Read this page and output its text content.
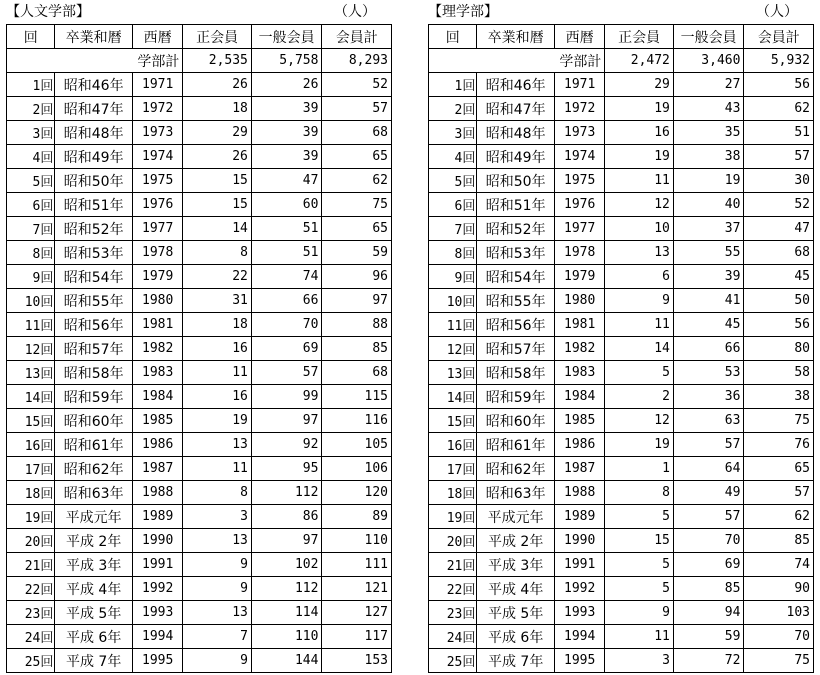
【人文学部】	（人）
回	卒業和暦	西暦	正会員	一般会員	会員計
学部計			2,535	5,758	8,293
1回	昭和46年	1971	26	26	52
2回	昭和47年	1972	18	39	57
3回	昭和48年	1973	29	39	68
4回	昭和49年	1974	26	39	65
5回	昭和50年	1975	15	47	62
6回	昭和51年	1976	15	60	75
7回	昭和52年	1977	14	51	65
8回	昭和53年	1978	8	51	59
9回	昭和54年	1979	22	74	96
10回	昭和55年	1980	31	66	97
11回	昭和56年	1981	18	70	88
12回	昭和57年	1982	16	69	85
13回	昭和58年	1983	11	57	68
14回	昭和59年	1984	16	99	115
15回	昭和60年	1985	19	97	116
16回	昭和61年	1986	13	92	105
17回	昭和62年	1987	11	95	106
18回	昭和63年	1988	8	112	120
19回	平成元年	1989	3	86	89
20回	平成 2年	1990	13	97	110
21回	平成 3年	1991	9	102	111
22回	平成 4年	1992	9	112	121
23回	平成 5年	1993	13	114	127
24回	平成 6年	1994	7	110	117
25回	平成 7年	1995	9	144	153
【理学部】	（人）
回	卒業和暦	西暦	正会員	一般会員	会員計
学部計			2,472	3,460	5,932
1回	昭和46年	1971	29	27	56
2回	昭和47年	1972	19	43	62
3回	昭和48年	1973	16	35	51
4回	昭和49年	1974	19	38	57
5回	昭和50年	1975	11	19	30
6回	昭和51年	1976	12	40	52
7回	昭和52年	1977	10	37	47
8回	昭和53年	1978	13	55	68
9回	昭和54年	1979	6	39	45
10回	昭和55年	1980	9	41	50
11回	昭和56年	1981	11	45	56
12回	昭和57年	1982	14	66	80
13回	昭和58年	1983	5	53	58
14回	昭和59年	1984	2	36	38
15回	昭和60年	1985	12	63	75
16回	昭和61年	1986	19	57	76
17回	昭和62年	1987	1	64	65
18回	昭和63年	1988	8	49	57
19回	平成元年	1989	5	57	62
20回	平成 2年	1990	15	70	85
21回	平成 3年	1991	5	69	74
22回	平成 4年	1992	5	85	90
23回	平成 5年	1993	9	94	103
24回	平成 6年	1994	11	59	70
25回	平成 7年	1995	3	72	75
